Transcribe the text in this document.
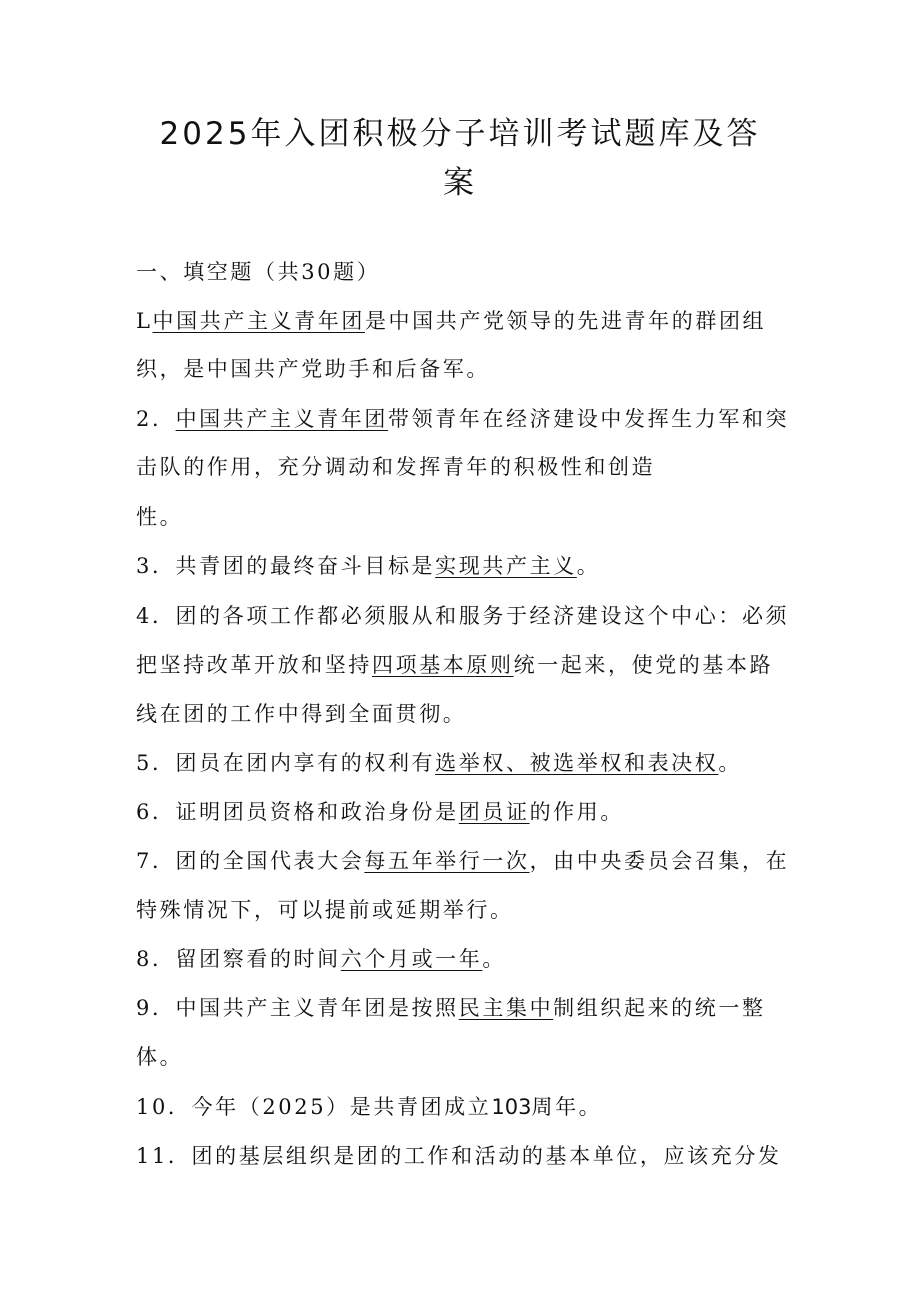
2025年入团积极分子培训考试题库及答
案
一、填空题（共30题）
L中国共产主义青年团是中国共产党领导的先进青年的群团组
织，是中国共产党助手和后备军。
2．中国共产主义青年团带领青年在经济建设中发挥生力军和突
击队的作用，充分调动和发挥青年的积极性和创造
性。
3．共青团的最终奋斗目标是实现共产主义。
4．团的各项工作都必须服从和服务于经济建设这个中心：必须
把坚持改革开放和坚持四项基本原则统一起来，使党的基本路
线在团的工作中得到全面贯彻。
5．团员在团内享有的权利有选举权、被选举权和表决权。
6．证明团员资格和政治身份是团员证的作用。
7．团的全国代表大会每五年举行一次，由中央委员会召集，在
特殊情况下，可以提前或延期举行。
8．留团察看的时间六个月或一年。
9．中国共产主义青年团是按照民主集中制组织起来的统一整
体。
10．今年（2025）是共青团成立103周年。
11．团的基层组织是团的工作和活动的基本单位，应该充分发
